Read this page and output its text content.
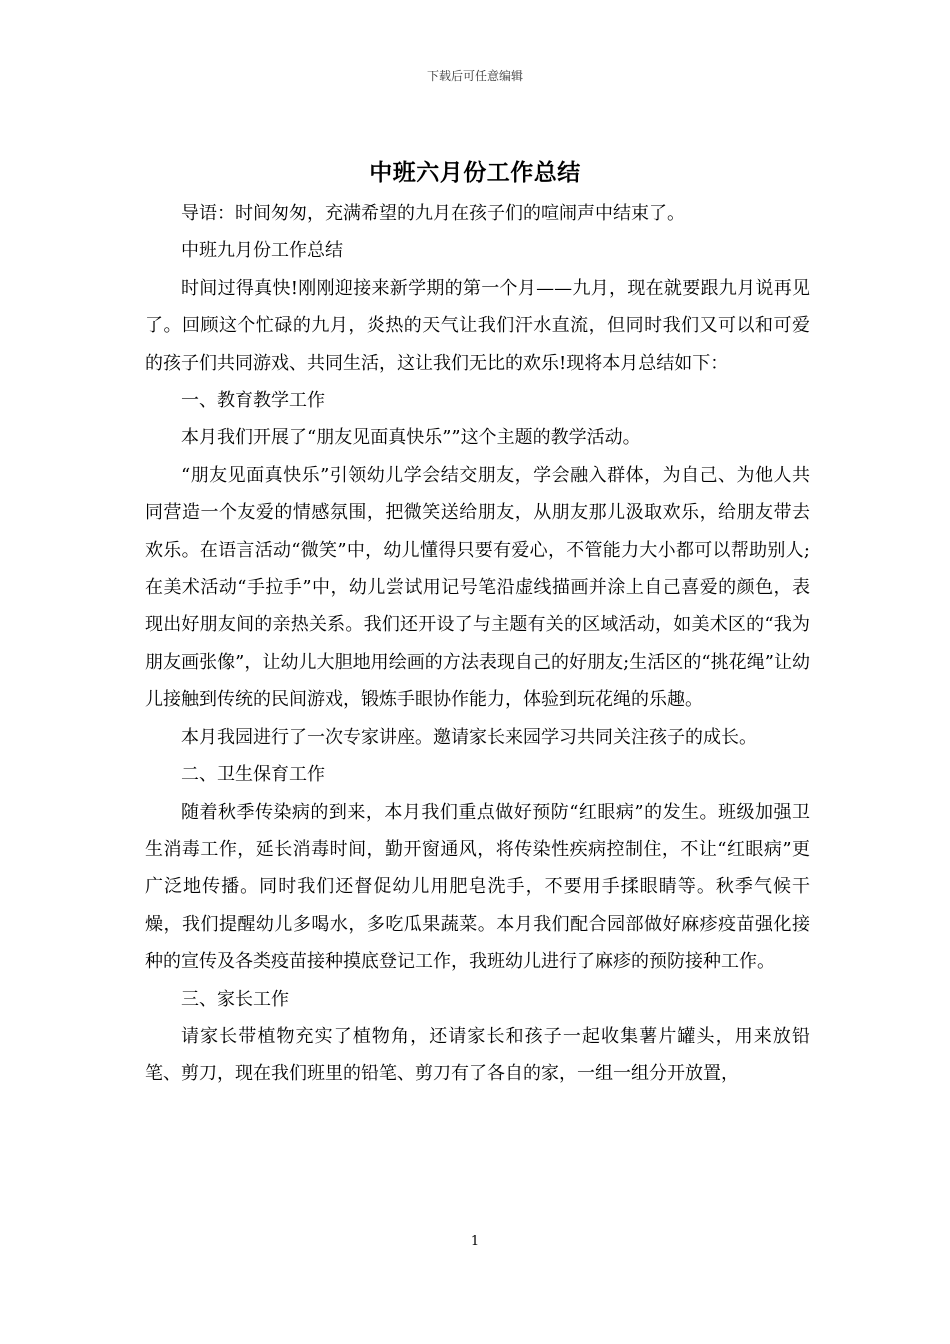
下载后可任意编辑
中班六月份工作总结

导语：时间匆匆，充满希望的九月在孩子们的喧闹声中结束了。

中班九月份工作总结

时间过得真快!刚刚迎接来新学期的第一个月——九月，现在就要跟九月说再见了。回顾这个忙碌的九月，炎热的天气让我们汗水直流，但同时我们又可以和可爱的孩子们共同游戏、共同生活，这让我们无比的欢乐!现将本月总结如下：

一、教育教学工作

本月我们开展了“朋友见面真快乐””这个主题的教学活动。

“朋友见面真快乐”引领幼儿学会结交朋友，学会融入群体，为自己、为他人共同营造一个友爱的情感氛围，把微笑送给朋友，从朋友那儿汲取欢乐，给朋友带去欢乐。在语言活动“微笑”中，幼儿懂得只要有爱心，不管能力大小都可以帮助别人;在美术活动“手拉手”中，幼儿尝试用记号笔沿虚线描画并涂上自己喜爱的颜色，表现出好朋友间的亲热关系。我们还开设了与主题有关的区域活动，如美术区的“我为朋友画张像”，让幼儿大胆地用绘画的方法表现自己的好朋友;生活区的“挑花绳”让幼儿接触到传统的民间游戏，锻炼手眼协作能力，体验到玩花绳的乐趣。

本月我园进行了一次专家讲座。邀请家长来园学习共同关注孩子的成长。

二、卫生保育工作

随着秋季传染病的到来，本月我们重点做好预防“红眼病”的发生。班级加强卫生消毒工作，延长消毒时间，勤开窗通风，将传染性疾病控制住，不让“红眼病”更广泛地传播。同时我们还督促幼儿用肥皂洗手，不要用手揉眼睛等。秋季气候干燥，我们提醒幼儿多喝水，多吃瓜果蔬菜。本月我们配合园部做好麻疹疫苗强化接种的宣传及各类疫苗接种摸底登记工作，我班幼儿进行了麻疹的预防接种工作。

三、家长工作

请家长带植物充实了植物角，还请家长和孩子一起收集薯片罐头，用来放铅笔、剪刀，现在我们班里的铅笔、剪刀有了各自的家，一组一组分开放置，

1
